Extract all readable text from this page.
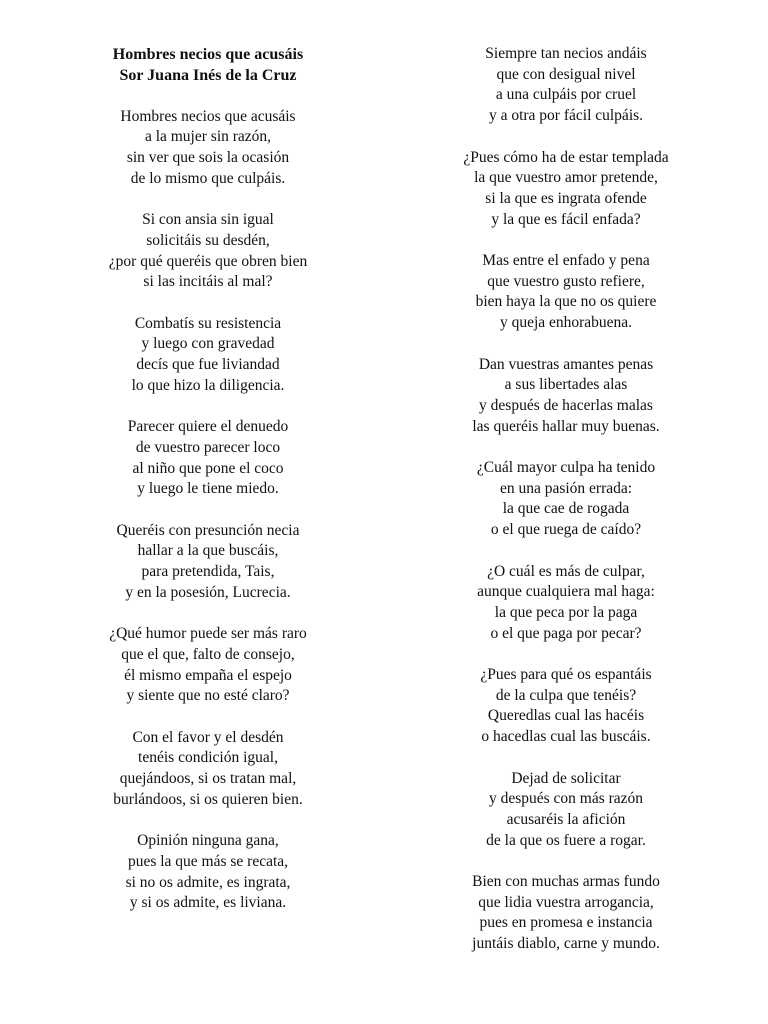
Hombres necios que acusáis
Sor Juana Inés de la Cruz
Hombres necios que acusáis
a la mujer sin razón,
sin ver que sois la ocasión
de lo mismo que culpáis.
Si con ansia sin igual
solicitáis su desdén,
¿por qué queréis que obren bien
si las incitáis al mal?
Combatís su resistencia
y luego con gravedad
decís que fue liviandad
lo que hizo la diligencia.
Parecer quiere el denuedo
de vuestro parecer loco
al niño que pone el coco
y luego le tiene miedo.
Queréis con presunción necia
hallar a la que buscáis,
para pretendida, Tais,
y en la posesión, Lucrecia.
¿Qué humor puede ser más raro
que el que, falto de consejo,
él mismo empaña el espejo
y siente que no esté claro?
Con el favor y el desdén
tenéis condición igual,
quejándoos, si os tratan mal,
burlándoos, si os quieren bien.
Opinión ninguna gana,
pues la que más se recata,
si no os admite, es ingrata,
y si os admite, es liviana.
Siempre tan necios andáis
que con desigual nivel
a una culpáis por cruel
y a otra por fácil culpáis.
¿Pues cómo ha de estar templada
la que vuestro amor pretende,
si la que es ingrata ofende
y la que es fácil enfada?
Mas entre el enfado y pena
que vuestro gusto refiere,
bien haya la que no os quiere
y queja enhorabuena.
Dan vuestras amantes penas
a sus libertades alas
y después de hacerlas malas
las queréis hallar muy buenas.
¿Cuál mayor culpa ha tenido
en una pasión errada:
la que cae de rogada
o el que ruega de caído?
¿O cuál es más de culpar,
aunque cualquiera mal haga:
la que peca por la paga
o el que paga por pecar?
¿Pues para qué os espantáis
de la culpa que tenéis?
Queredlas cual las hacéis
o hacedlas cual las buscáis.
Dejad de solicitar
y después con más razón
acusaréis la afición
de la que os fuere a rogar.
Bien con muchas armas fundo
que lidia vuestra arrogancia,
pues en promesa e instancia
juntáis diablo, carne y mundo.
